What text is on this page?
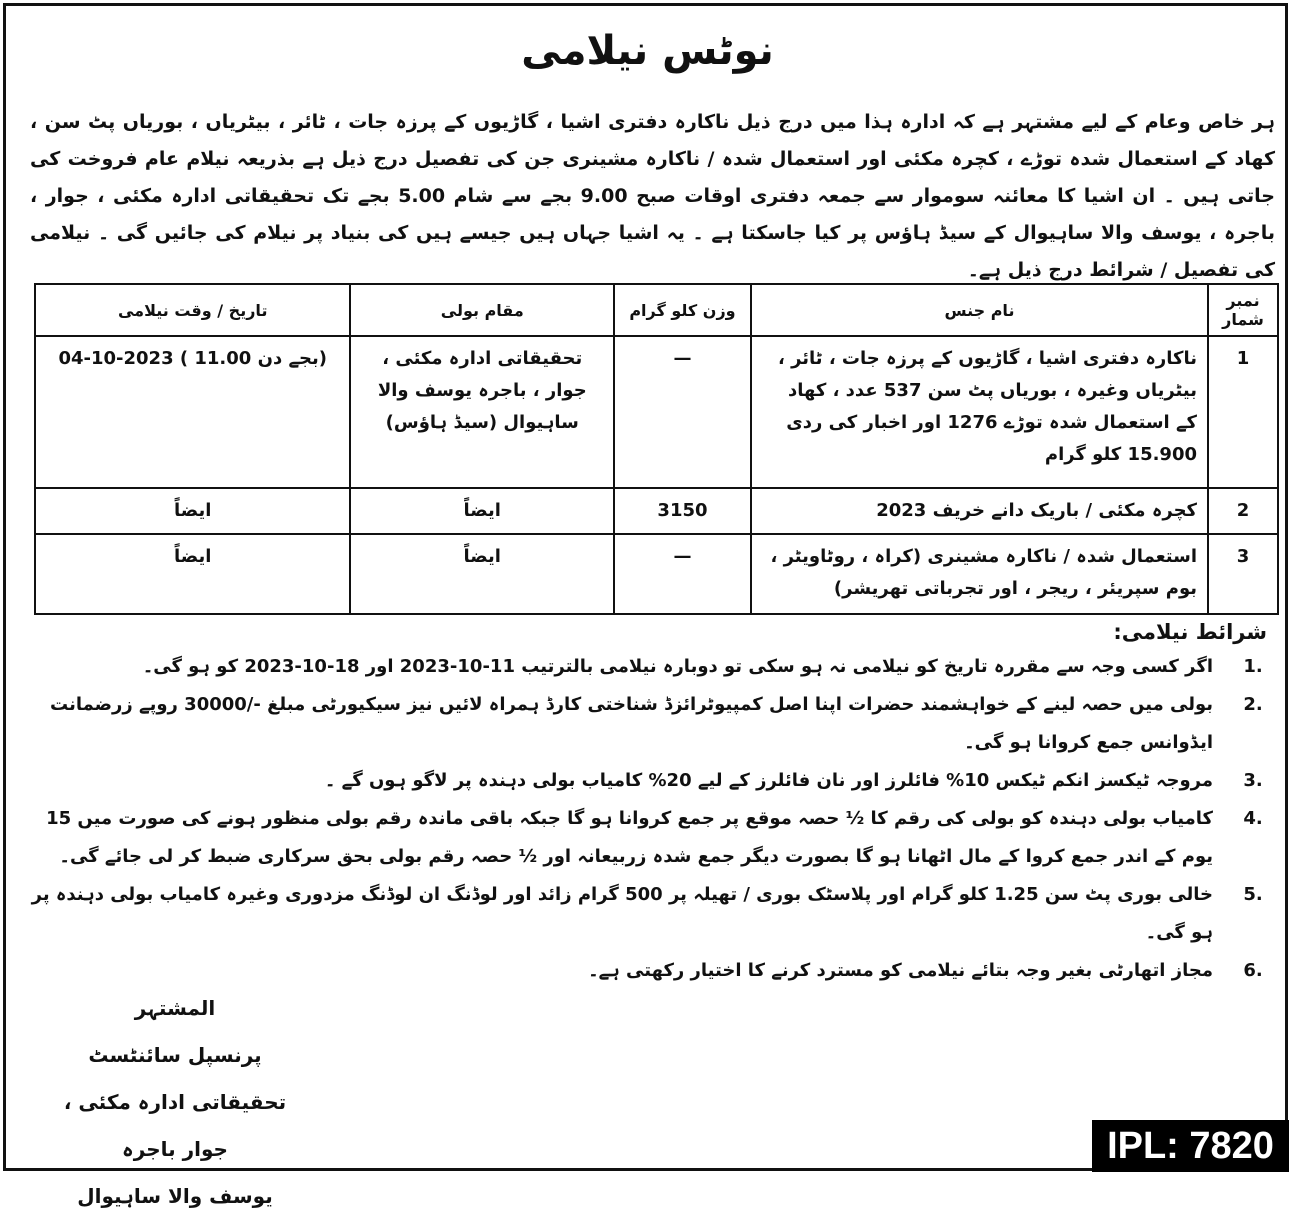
نوٹس نیلامی
ہر خاص وعام کے لیے مشتہر ہے کہ ادارہ ہذا میں درج ذیل ناکارہ دفتری اشیا ، گاڑیوں کے پرزہ جات ، ٹائر ، بیٹریاں ، بوریاں پٹ سن ، کھاد کے استعمال شدہ توڑے ، کچرہ مکئی اور استعمال شدہ / ناکارہ مشینری جن کی تفصیل درج ذیل ہے بذریعہ نیلام عام فروخت کی جاتی ہیں ۔ ان اشیا کا معائنہ سوموار سے جمعہ دفتری اوقات صبح 9.00 بجے سے شام 5.00 بجے تک تحقیقاتی ادارہ مکئی ، جوار ، باجرہ ، یوسف والا ساہیوال کے سیڈ ہاؤس پر کیا جاسکتا ہے ۔ یہ اشیا جہاں ہیں جیسے ہیں کی بنیاد پر نیلام کی جائیں گی ۔ نیلامی کی تفصیل / شرائط درج ذیل ہے۔
نمبر شمار	نام جنس	وزن کلو گرام	مقام بولی	تاریخ / وقت نیلامی
1	ناکارہ دفتری اشیا ، گاڑیوں کے پرزہ جات ، ٹائر ، بیٹریاں وغیرہ ، بوریاں پٹ سن 537 عدد ، کھاد کے استعمال شدہ توڑے 1276 اور اخبار کی ردی 15.900 کلو گرام	—	تحقیقاتی ادارہ مکئی ، جوار ، باجرہ یوسف والا ساہیوال (سیڈ ہاؤس)	04-10-2023 ( 11.00 بجے دن)
2	کچرہ مکئی / باریک دانے خریف 2023	3150	ایضاً	ایضاً
3	استعمال شدہ / ناکارہ مشینری (کراہ ، روٹاویٹر ، بوم سپریئر ، ریجر ، اور تجرباتی تھریشر)	—	ایضاً	ایضاً
شرائط نیلامی:
1.
اگر کسی وجہ سے مقررہ تاریخ کو نیلامی نہ ہو سکی تو دوبارہ نیلامی بالترتیب 11-10-2023 اور 18-10-2023 کو ہو گی۔
2.
بولی میں حصہ لینے کے خواہشمند حضرات اپنا اصل کمپیوٹرائزڈ شناختی کارڈ ہمراہ لائیں نیز سیکیورٹی مبلغ -/30000 روپے زرضمانت ایڈوانس جمع کروانا ہو گی۔
3.
مروجہ ٹیکسز انکم ٹیکس 10% فائلرز اور نان فائلرز کے لیے 20% کامیاب بولی دہندہ پر لاگو ہوں گے ۔
4.
کامیاب بولی دہندہ کو بولی کی رقم کا ½ حصہ موقع پر جمع کروانا ہو گا جبکہ باقی ماندہ رقم بولی منظور ہونے کی صورت میں 15 یوم کے اندر جمع کروا کے مال اٹھانا ہو گا بصورت دیگر جمع شدہ زربیعانہ اور ½ حصہ رقم بولی بحق سرکاری ضبط کر لی جائے گی۔
5.
خالی بوری پٹ سن 1.25 کلو گرام اور پلاسٹک بوری / تھیلہ پر 500 گرام زائد اور لوڈنگ ان لوڈنگ مزدوری وغیرہ کامیاب بولی دہندہ پر ہو گی۔
6.
مجاز اتھارٹی بغیر وجہ بتائے نیلامی کو مسترد کرنے کا اختیار رکھتی ہے۔
المشتہر
پرنسپل سائنٹسٹ
تحقیقاتی ادارہ مکئی ، جوار باجرہ
یوسف والا ساہیوال
IPL: 7820
